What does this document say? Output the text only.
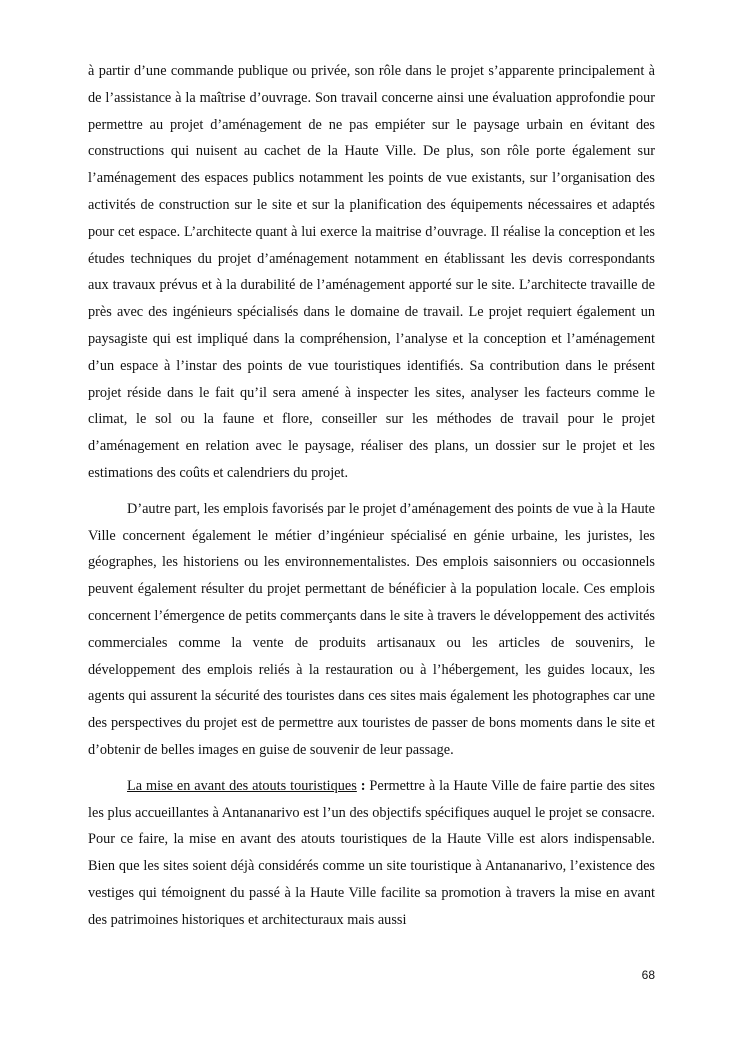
à partir d’une commande publique ou privée, son rôle dans le projet s’apparente principalement à de l’assistance à la maîtrise d’ouvrage. Son travail concerne ainsi une évaluation approfondie pour permettre au projet d’aménagement de ne pas empiéter sur le paysage urbain en évitant des constructions qui nuisent au cachet de la Haute Ville. De plus, son rôle porte également sur l’aménagement des espaces publics notamment les points de vue existants, sur l’organisation des activités de construction sur le site et sur la planification des équipements nécessaires et adaptés pour cet espace. L’architecte quant à lui exerce la maitrise d’ouvrage. Il réalise la conception et les études techniques du projet d’aménagement notamment en établissant les devis correspondants aux travaux prévus et à la durabilité de l’aménagement apporté sur le site. L’architecte travaille de près avec des ingénieurs spécialisés dans le domaine de travail. Le projet requiert également un paysagiste qui est impliqué dans la compréhension, l’analyse et la conception et l’aménagement d’un espace à l’instar des points de vue touristiques identifiés. Sa contribution dans le présent projet réside dans le fait qu’il sera amené à inspecter les sites, analyser les facteurs comme le climat, le sol ou la faune et flore, conseiller sur les méthodes de travail pour le projet d’aménagement en relation avec le paysage, réaliser des plans, un dossier sur le projet et les estimations des coûts et calendriers du projet.

D’autre part, les emplois favorisés par le projet d’aménagement des points de vue à la Haute Ville concernent également le métier d’ingénieur spécialisé en génie urbaine, les juristes, les géographes, les historiens ou les environnementalistes. Des emplois saisonniers ou occasionnels peuvent également résulter du projet permettant de bénéficier à la population locale. Ces emplois concernent l’émergence de petits commerçants dans le site à travers le développement des activités commerciales comme la vente de produits artisanaux ou les articles de souvenirs, le développement des emplois reliés à la restauration ou à l’hébergement, les guides locaux, les agents qui assurent la sécurité des touristes dans ces sites mais également les photographes car une des perspectives du projet est de permettre aux touristes de passer de bons moments dans le site et d’obtenir de belles images en guise de souvenir de leur passage.

La mise en avant des atouts touristiques : Permettre à la Haute Ville de faire partie des sites les plus accueillantes à Antananarivo est l’un des objectifs spécifiques auquel le projet se consacre. Pour ce faire, la mise en avant des atouts touristiques de la Haute Ville est alors indispensable. Bien que les sites soient déjà considérés comme un site touristique à Antananarivo, l’existence des vestiges qui témoignent du passé à la Haute Ville facilite sa promotion à travers la mise en avant des patrimoines historiques et architecturaux mais aussi

68
